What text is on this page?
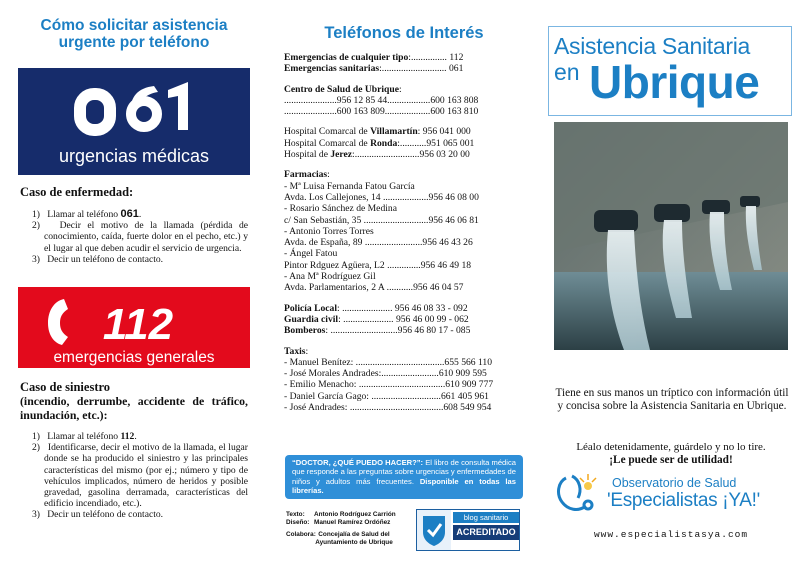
Cómo solicitar asistencia urgente por teléfono
urgencias médicas
Caso de enfermedad:
1) Llamar al teléfono 061.
2) Decir el motivo de la llamada (pérdida de conocimiento, caída, fuerte dolor en el pecho, etc.) y el lugar al que deben acudir el servicio de urgencia.
3) Decir un teléfono de contacto.
112
emergencias generales
Caso de siniestro
(incendio, derrumbe, accidente de tráfico, inundación, etc.):
1) Llamar al teléfono 112.
2) Identificarse, decir el motivo de la llamada, el lugar donde se ha producido el siniestro y las principales características del mismo (por ej.; número y tipo de vehículos implicados, número de heridos y posible gravedad, gasolina derramada, características del edificio incendiado, etc.).
3) Decir un teléfono de contacto.
Teléfonos de Interés
Emergencias de cualquier tipo:............... 112
Emergencias sanitarias:........................... 061
Centro de Salud de Ubrique:
......................956 12 85 44..................600 163 808
......................600 163 809...................600 163 810
Hospital Comarcal de Villamartín: 956 041 000
Hospital Comarcal de Ronda:...........951 065 001
Hospital de Jerez:...........................956 03 20 00
Farmacias:
- Mª Luisa Fernanda Fatou García
Avda. Los Callejones, 14 ...................956 46 08 00
- Rosario Sánchez de Medina
c/ San Sebastián, 35 ...........................956 46 06 81
- Antonio Torres Torres
Avda. de España, 89 ........................956 46 43 26
- Ángel Fatou
Pintor Rdguez Agüera, L2 ..............956 46 49 18
- Ana Mª Rodríguez Gil
Avda. Parlamentarios, 2 A ...........956 46 04 57
Policía Local: ..................... 956 46 08 33 - 092
Guardia civil: ..................... 956 46 00 99 - 062
Bomberos: ............................956 46 80 17 - 085
Taxis:
- Manuel Benítez: .....................................655 566 110
- José Morales Andrades:........................610 909 595
- Emilio Menacho: ....................................610 909 777
- Daniel García Gago: .............................661 405 961
- José Andrades: .......................................608 549 954
“DOCTOR, ¿QUÉ PUEDO HACER?”: El libro de consulta médica que responde a las preguntas sobre urgencias y enfermedades de niños y adultos más frecuentes. Disponible en todas las librerías.
Texto: Antonio Rodríguez Carrión
Diseño: Manuel Ramírez Ordóñez
Colabora: Concejalía de Salud del Ayuntamiento de Ubrique
blog sanitario
ACREDITADO
Asistencia Sanitaria
en Ubrique
Tiene en sus manos un tríptico con información útil y concisa sobre la Asistencia Sanitaria en Ubrique.
Léalo detenidamente, guárdelo y no lo tire.
¡Le puede ser de utilidad!
Observatorio de Salud
'Especialistas ¡YA!'
www.especialistasya.com
